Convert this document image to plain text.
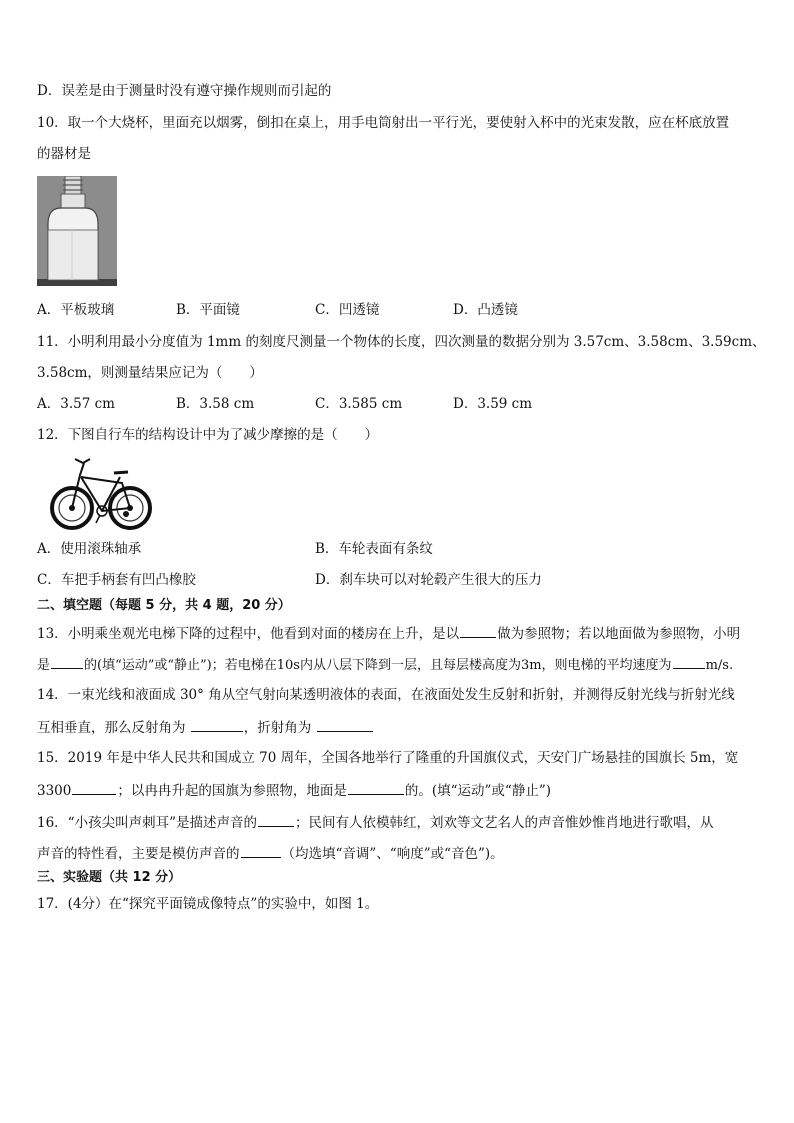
D．误差是由于测量时没有遵守操作规则而引起的
10．取一个大烧杯，里面充以烟雾，倒扣在桌上，用手电筒射出一平行光，要使射入杯中的光束发散，应在杯底放置
的器材是
A．平板玻璃	B．平面镜	C．凹透镜	D．凸透镜
11．小明利用最小分度值为 1mm 的刻度尺测量一个物体的长度，四次测量的数据分别为 3.57cm、3.58cm、3.59cm、
3.58cm，则测量结果应记为（　　）
A．3.57 cm	B．3.58 cm	C．3.585 cm	D．3.59 cm
12．下图自行车的结构设计中为了减少摩擦的是（　　）
A．使用滚珠轴承	B．车轮表面有条纹
C．车把手柄套有凹凸橡胶	D．刹车块可以对轮毂产生很大的压力
二、填空题（每题 5 分，共 4 题，20 分）
13．小明乘坐观光电梯下降的过程中，他看到对面的楼房在上升，是以	做为参照物；若以地面做为参照物，小明
是	的(填“运动”或“静止”)；若电梯在10s内从八层下降到一层，且每层楼高度为3m，则电梯的平均速度为	m/s.
14．一束光线和液面成 30° 角从空气射向某透明液体的表面，在液面处发生反射和折射，并测得反射光线与折射光线
互相垂直，那么反射角为	，折射角为
15．2019 年是中华人民共和国成立 70 周年，全国各地举行了隆重的升国旗仪式，天安门广场悬挂的国旗长 5m，宽
3300	；以冉冉升起的国旗为参照物，地面是	的。(填“运动”或“静止”)
16．“小孩尖叫声刺耳”是描述声音的	；民间有人依模韩红，刘欢等文艺名人的声音惟妙惟肖地进行歌唱，从
声音的特性看，主要是模仿声音的	（均选填“音调”、“响度”或“音色”)。
三、实验题（共 12 分）
17．(4分）在“探究平面镜成像特点”的实验中，如图 1。
